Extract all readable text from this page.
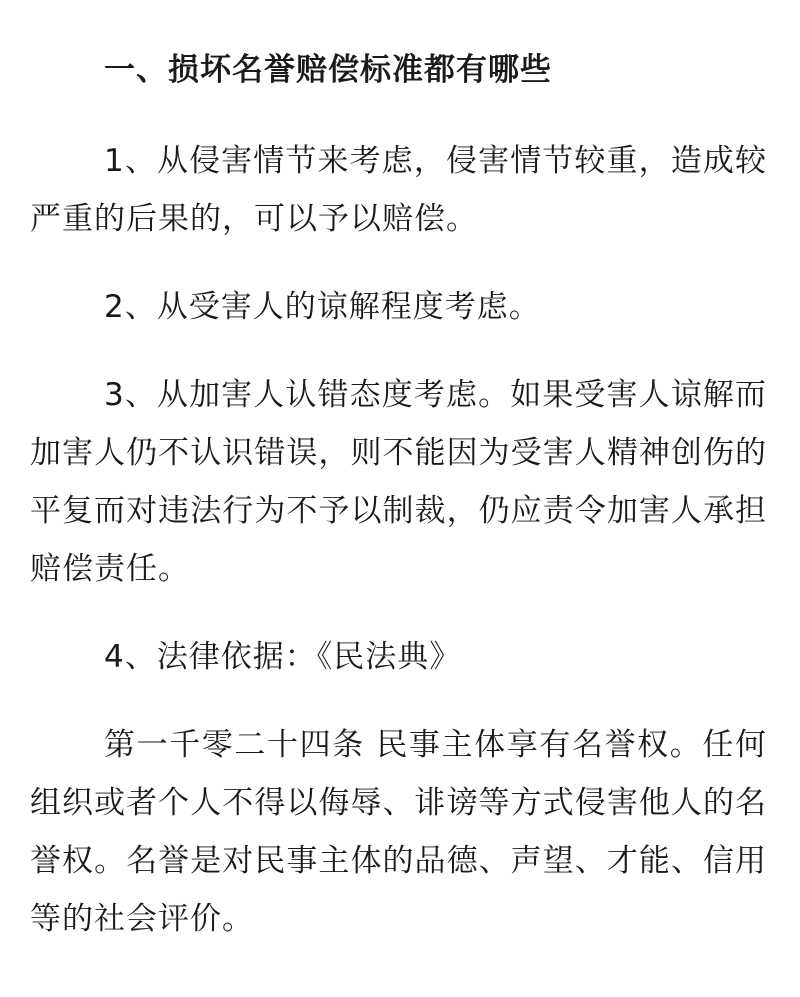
一、损坏名誉赔偿标准都有哪些

1、从侵害情节来考虑，侵害情节较重，造成较严重的后果的，可以予以赔偿。

2、从受害人的谅解程度考虑。

3、从加害人认错态度考虑。如果受害人谅解而加害人仍不认识错误，则不能因为受害人精神创伤的平复而对违法行为不予以制裁，仍应责令加害人承担赔偿责任。

4、法律依据：《民法典》

第一千零二十四条 民事主体享有名誉权。任何组织或者个人不得以侮辱、诽谤等方式侵害他人的名誉权。名誉是对民事主体的品德、声望、才能、信用等的社会评价。
